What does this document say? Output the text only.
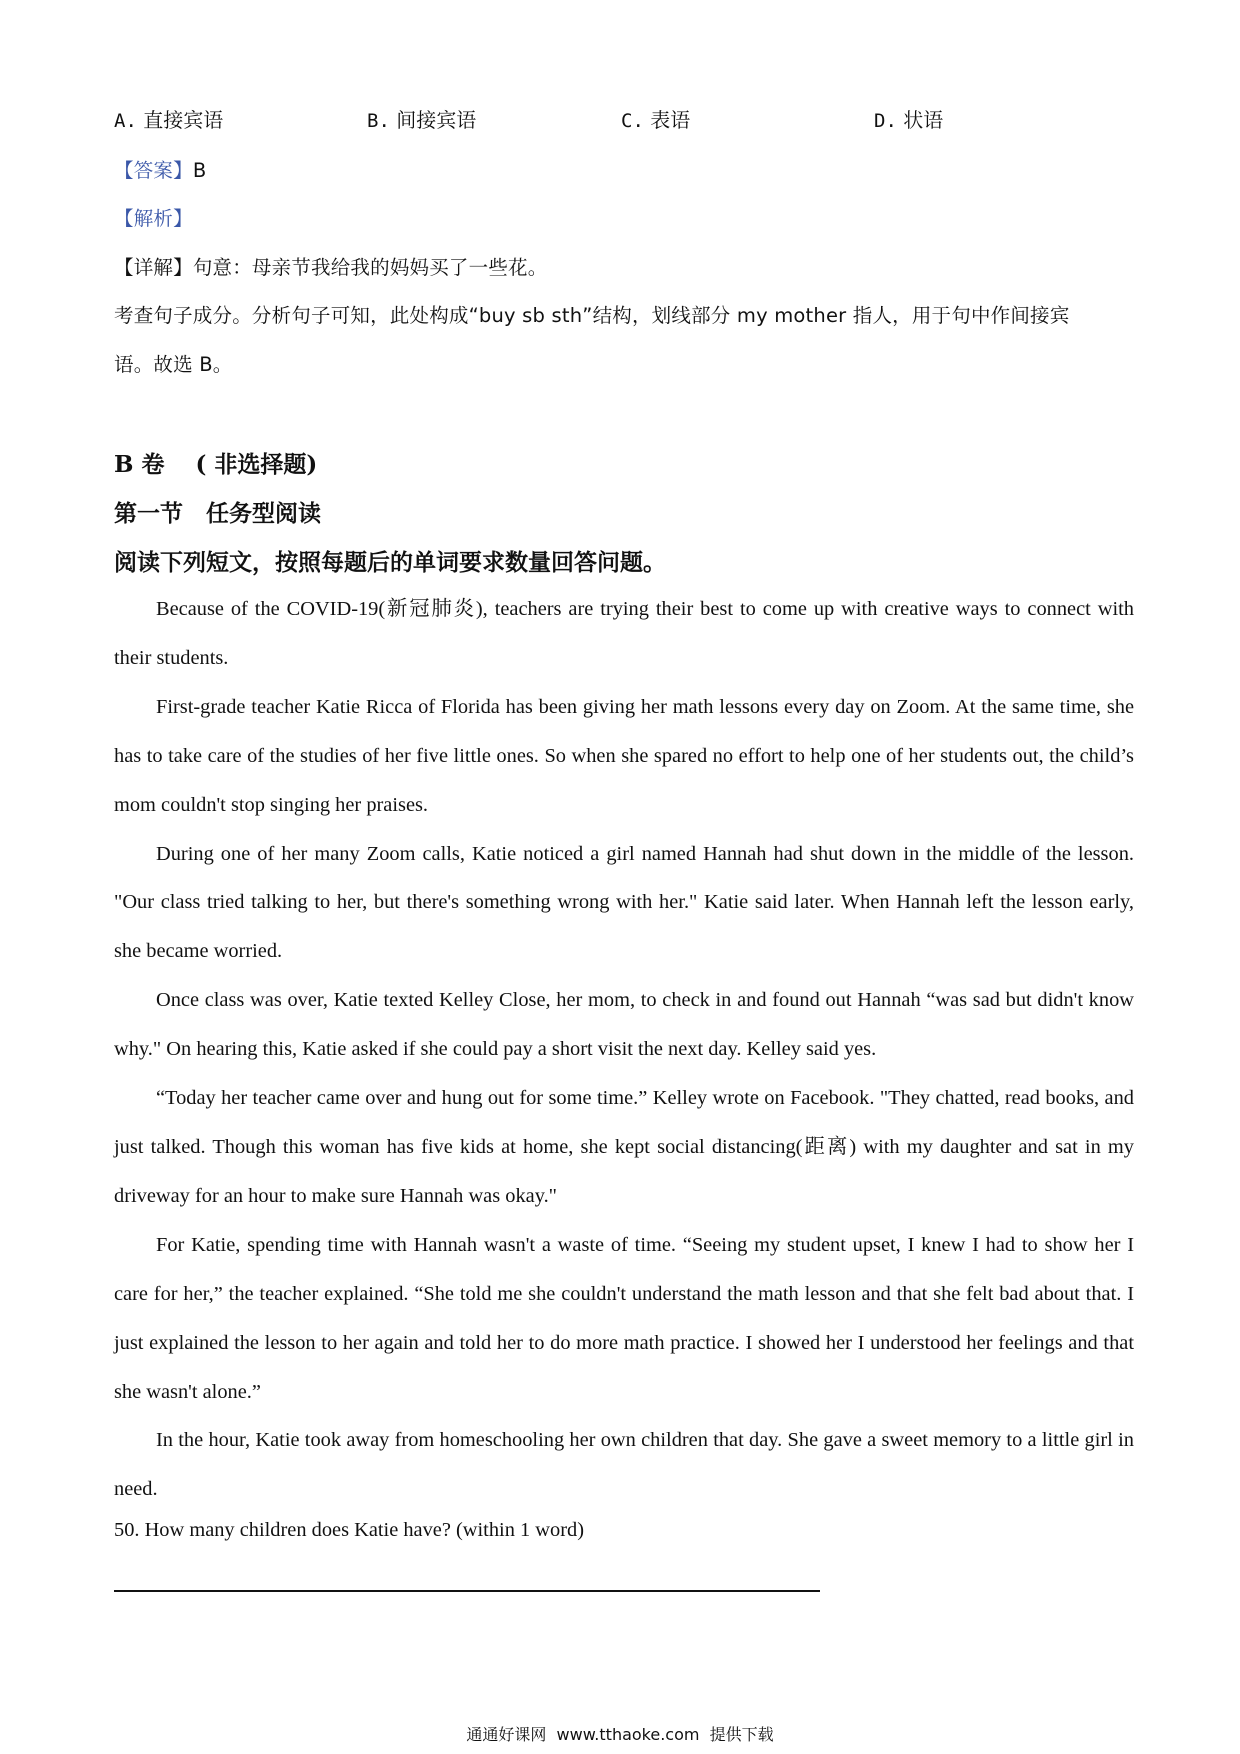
A. 直接宾语	B. 间接宾语	C. 表语	D. 状语
【答案】B
【解析】
【详解】句意：母亲节我给我的妈妈买了一些花。
考查句子成分。分析句子可知，此处构成“buy sb sth”结构，划线部分 my mother 指人，用于句中作间接宾
语。故选 B。
B 卷　 ( 非选择题)
第一节　任务型阅读
阅读下列短文，按照每题后的单词要求数量回答问题。

Because of the COVID-19(新冠肺炎), teachers are trying their best to come up with creative ways to connect with their students.

First-grade teacher Katie Ricca of Florida has been giving her math lessons every day on Zoom. At the same time, she has to take care of the studies of her five little ones. So when she spared no effort to help one of her students out, the child’s mom couldn't stop singing her praises.

During one of her many Zoom calls, Katie noticed a girl named Hannah had shut down in the middle of the lesson. "Our class tried talking to her, but there's something wrong with her." Katie said later. When Hannah left the lesson early, she became worried.

Once class was over, Katie texted Kelley Close, her mom, to check in and found out Hannah “was sad but didn't know why." On hearing this, Katie asked if she could pay a short visit the next day. Kelley said yes.

“Today her teacher came over and hung out for some time.” Kelley wrote on Facebook. "They chatted, read books, and just talked. Though this woman has five kids at home, she kept social distancing(距离) with my daughter and sat in my driveway for an hour to make sure Hannah was okay."

For Katie, spending time with Hannah wasn't a waste of time. “Seeing my student upset, I knew I had to show her I care for her,” the teacher explained. “She told me she couldn't understand the math lesson and that she felt bad about that. I just explained the lesson to her again and told her to do more math practice. I showed her I understood her feelings and that she wasn't alone.”

In the hour, Katie took away from homeschooling her own children that day. She gave a sweet memory to a little girl in need.

50. How many children does Katie have? (within 1 word)
通通好课网  www.tthaoke.com  提供下载
